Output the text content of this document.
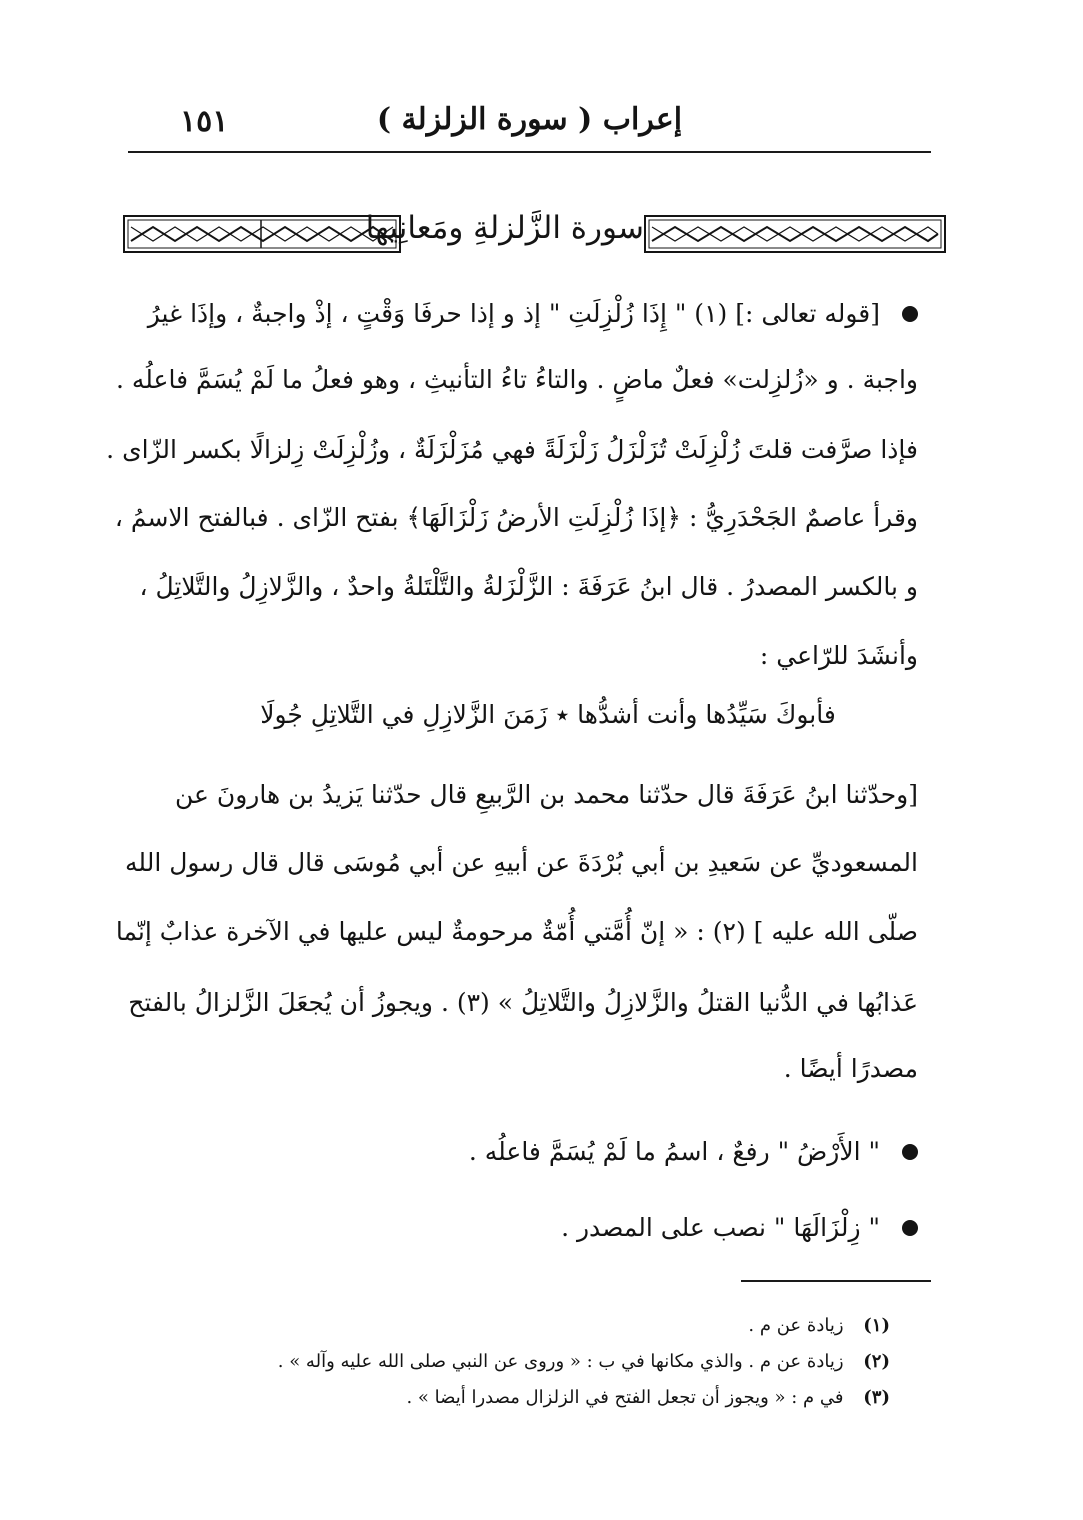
١٥١	إعراب ( سورة الزلزلة )
سورة الزَّلزلةِ ومَعانِيها
[قوله تعالى :] (١) " إِذَا زُلْزِلَتِ " إذ و إذا حرفَا وَقْتٍ ، إذْ واجبةٌ ، وإذَا غيرُ
واجبة . و «زُلزِلت» فعلٌ ماضٍ . والتاءُ تاءُ التأنيثِ ، وهو فعلُ ما لَمْ يُسَمَّ فاعلُه .
فإذا صرَّفت قلتَ زُلْزِلَتْ تُزَلْزَلُ زَلْزَلَةً فهي مُزَلْزَلَةٌ ، وزُلْزِلَتْ زِلزالًا بكسر الزّاى .
وقرأ عاصمٌ الجَحْدَرِيُّ : ﴿إذَا زُلْزِلَتِ الأرضُ زَلْزَالَهَا﴾ بفتح الزّاى . فبالفتح الاسمُ ،
و بالكسر المصدرُ . قال ابنُ عَرَفَةَ : الزَّلْزَلةُ والتَّلْتَلةُ واحدٌ ، والزَّلازِلُ والتَّلاتِلُ ،
وأنشَدَ للرّاعي :
فأبوكَ سَيِّدُها وأنت أشدُّها ٭ زَمَنَ الزَّلازِلِ في التَّلاتِلِ جُولَا
[وحدّثنا ابنُ عَرَفَةَ قال حدّثنا محمد بن الرَّبيعِ قال حدّثنا يَزيدُ بن هارونَ عن
المسعوديِّ عن سَعيدِ بن أبي بُرْدَةَ عن أبيهِ عن أبي مُوسَى قال قال رسول الله
صلّى الله عليه ] (٢) : « إنّ أُمَّتي أُمّةٌ مرحومةٌ ليس عليها في الآخرة عذابٌ إنّما
عَذابُها في الدُّنيا القتلُ والزَّلازِلُ والتَّلاتِلُ » (٣) . ويجوزُ أن يُجعَلَ الزَّلزالُ بالفتح
مصدرًا أيضًا .
" الأَرْضُ " رفعٌ ، اسمُ ما لَمْ يُسَمَّ فاعلُه .
" زِلْزَالَهَا " نصب على المصدر .
(١) زيادة عن م .
(٢) زيادة عن م . والذي مكانها في ب : « وروى عن النبي صلى الله عليه وآله » .
(٣) في م : « ويجوز أن تجعل الفتح في الزلزال مصدرا أيضا » .
